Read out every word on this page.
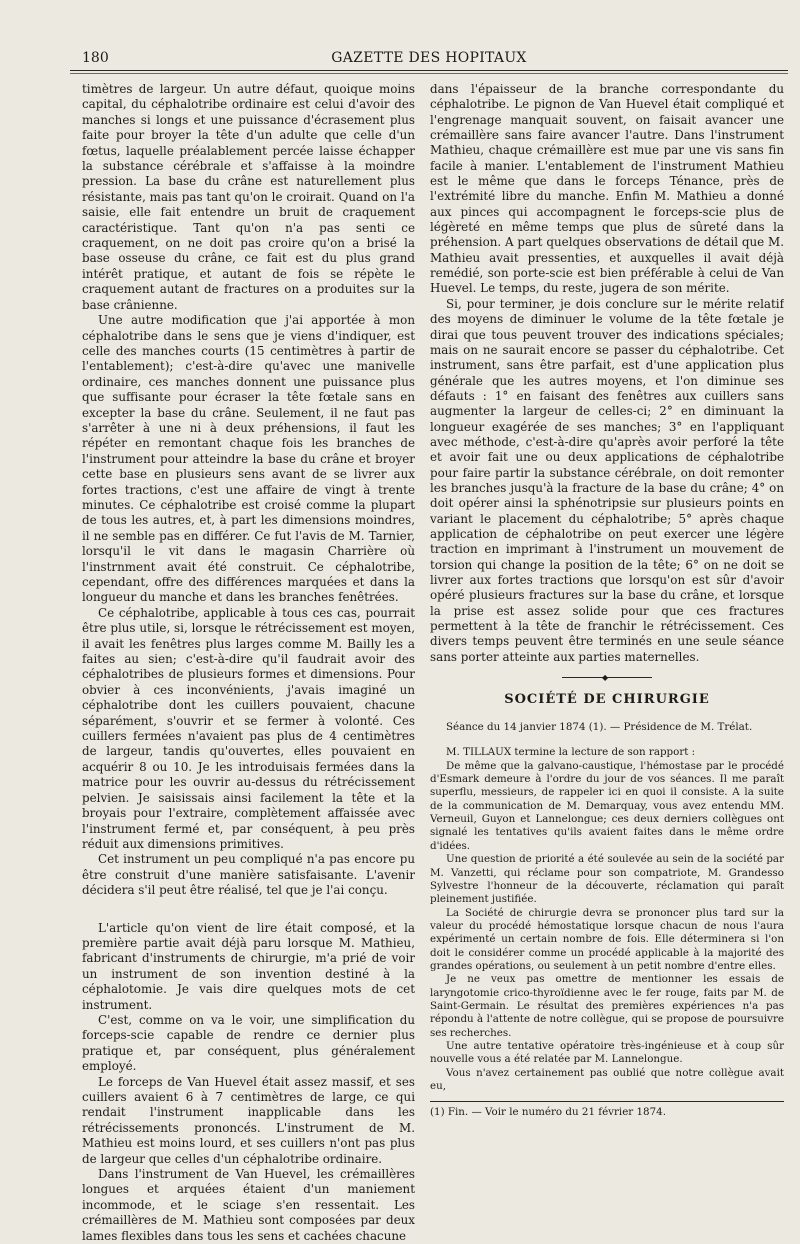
180	GAZETTE DES HOPITAUX

timètres de largeur. Un autre défaut, quoique moins capital, du céphalotribe ordinaire est celui d'avoir des manches si longs et une puissance d'écrasement plus faite pour broyer la tête d'un adulte que celle d'un fœtus, laquelle préalablement percée laisse échapper la substance cérébrale et s'affaisse à la moindre pression. La base du crâne est naturellement plus résistante, mais pas tant qu'on le croirait. Quand on l'a saisie, elle fait entendre un bruit de craquement caractéristique. Tant qu'on n'a pas senti ce craquement, on ne doit pas croire qu'on a brisé la base osseuse du crâne, ce fait est du plus grand intérêt pratique, et autant de fois se répète le craquement autant de fractures on a produites sur la base crânienne.

Une autre modification que j'ai apportée à mon céphalotribe dans le sens que je viens d'indiquer, est celle des manches courts (15 centimètres à partir de l'entablement); c'est-à-dire qu'avec une manivelle ordinaire, ces manches donnent une puissance plus que suffisante pour écraser la tête fœtale sans en excepter la base du crâne. Seulement, il ne faut pas s'arrêter à une ni à deux préhensions, il faut les répéter en remontant chaque fois les branches de l'instrument pour atteindre la base du crâne et broyer cette base en plusieurs sens avant de se livrer aux fortes tractions, c'est une affaire de vingt à trente minutes. Ce céphalotribe est croisé comme la plupart de tous les autres, et, à part les dimensions moindres, il ne semble pas en différer. Ce fut l'avis de M. Tarnier, lorsqu'il le vit dans le magasin Charrière où l'instrnment avait été construit. Ce céphalotribe, cependant, offre des différences marquées et dans la longueur du manche et dans les branches fenêtrées.

Ce céphalotribe, applicable à tous ces cas, pourrait être plus utile, si, lorsque le rétrécissement est moyen, il avait les fenêtres plus larges comme M. Bailly les a faites au sien; c'est-à-dire qu'il faudrait avoir des céphalotribes de plusieurs formes et dimensions. Pour obvier à ces inconvénients, j'avais imaginé un céphalotribe dont les cuillers pouvaient, chacune séparément, s'ouvrir et se fermer à volonté. Ces cuillers fermées n'avaient pas plus de 4 centimètres de largeur, tandis qu'ouvertes, elles pouvaient en acquérir 8 ou 10. Je les introduisais fermées dans la matrice pour les ouvrir au-dessus du rétrécissement pelvien. Je saisissais ainsi facilement la tête et la broyais pour l'extraire, complètement affaissée avec l'instrument fermé et, par conséquent, à peu près réduit aux dimensions primitives.

Cet instrument un peu compliqué n'a pas encore pu être construit d'une manière satisfaisante. L'avenir décidera s'il peut être réalisé, tel que je l'ai conçu.

L'article qu'on vient de lire était composé, et la première partie avait déjà paru lorsque M. Mathieu, fabricant d'instruments de chirurgie, m'a prié de voir un instrument de son invention destiné à la céphalotomie. Je vais dire quelques mots de cet instrument.

C'est, comme on va le voir, une simplification du forceps-scie capable de rendre ce dernier plus pratique et, par conséquent, plus généralement employé.

Le forceps de Van Huevel était assez massif, et ses cuillers avaient 6 à 7 centimètres de large, ce qui rendait l'instrument inapplicable dans les rétrécissements prononcés. L'instrument de M. Mathieu est moins lourd, et ses cuillers n'ont pas plus de largeur que celles d'un céphalotribe ordinaire.

Dans l'instrument de Van Huevel, les crémaillères longues et arquées étaient d'un maniement incommode, et le sciage s'en ressentait. Les crémaillères de M. Mathieu sont composées par deux lames flexibles dans tous les sens et cachées chacune

dans l'épaisseur de la branche correspondante du céphalotribe. Le pignon de Van Huevel était compliqué et l'engrenage manquait souvent, on faisait avancer une crémaillère sans faire avancer l'autre. Dans l'instrument Mathieu, chaque crémaillère est mue par une vis sans fin facile à manier. L'entablement de l'instrument Mathieu est le même que dans le forceps Ténance, près de l'extrémité libre du manche. Enfin M. Mathieu a donné aux pinces qui accompagnent le forceps-scie plus de légèreté en même temps que plus de sûreté dans la préhension. A part quelques observations de détail que M. Mathieu avait pressenties, et auxquelles il avait déjà remédié, son porte-scie est bien préférable à celui de Van Huevel. Le temps, du reste, jugera de son mérite.

Si, pour terminer, je dois conclure sur le mérite relatif des moyens de diminuer le volume de la tête fœtale je dirai que tous peuvent trouver des indications spéciales; mais on ne saurait encore se passer du céphalotribe. Cet instrument, sans être parfait, est d'une application plus générale que les autres moyens, et l'on diminue ses défauts : 1° en faisant des fenêtres aux cuillers sans augmenter la largeur de celles-ci; 2° en diminuant la longueur exagérée de ses manches; 3° en l'appliquant avec méthode, c'est-à-dire qu'après avoir perforé la tête et avoir fait une ou deux applications de céphalotribe pour faire partir la substance cérébrale, on doit remonter les branches jusqu'à la fracture de la base du crâne; 4° on doit opérer ainsi la sphénotripsie sur plusieurs points en variant le placement du céphalotribe; 5° après chaque application de céphalotribe on peut exercer une légère traction en imprimant à l'instrument un mouvement de torsion qui change la position de la tête; 6° on ne doit se livrer aux fortes tractions que lorsqu'on est sûr d'avoir opéré plusieurs fractures sur la base du crâne, et lorsque la prise est assez solide pour que ces fractures permettent à la tête de franchir le rétrécissement. Ces divers temps peuvent être terminés en une seule séance sans porter atteinte aux parties maternelles.

◆
SOCIÉTÉ DE CHIRURGIE

Séance du 14 janvier 1874 (1). — Présidence de M. Trélat.

M. TILLAUX termine la lecture de son rapport :

De même que la galvano-caustique, l'hémostase par le procédé d'Esmark demeure à l'ordre du jour de vos séances. Il me paraît superflu, messieurs, de rappeler ici en quoi il consiste. A la suite de la communication de M. Demarquay, vous avez entendu MM. Verneuil, Guyon et Lannelongue; ces deux derniers collègues ont signalé les tentatives qu'ils avaient faites dans le même ordre d'idées.

Une question de priorité a été soulevée au sein de la société par M. Vanzetti, qui réclame pour son compatriote, M. Grandesso Sylvestre l'honneur de la découverte, réclamation qui paraît pleinement justifiée.

La Société de chirurgie devra se prononcer plus tard sur la valeur du procédé hémostatique lorsque chacun de nous l'aura expérimenté un certain nombre de fois. Elle déterminera si l'on doit le considérer comme un procédé applicable à la majorité des grandes opérations, ou seulement à un petit nombre d'entre elles.

Je ne veux pas omettre de mentionner les essais de laryngotomie crico-thyroïdienne avec le fer rouge, faits par M. de Saint-Germain. Le résultat des premières expériences n'a pas répondu à l'attente de notre collègue, qui se propose de poursuivre ses recherches.

Une autre tentative opératoire très-ingénieuse et à coup sûr nouvelle vous a été relatée par M. Lannelongue.

Vous n'avez certainement pas oublié que notre collègue avait eu,

(1) Fin. — Voir le numéro du 21 février 1874.
